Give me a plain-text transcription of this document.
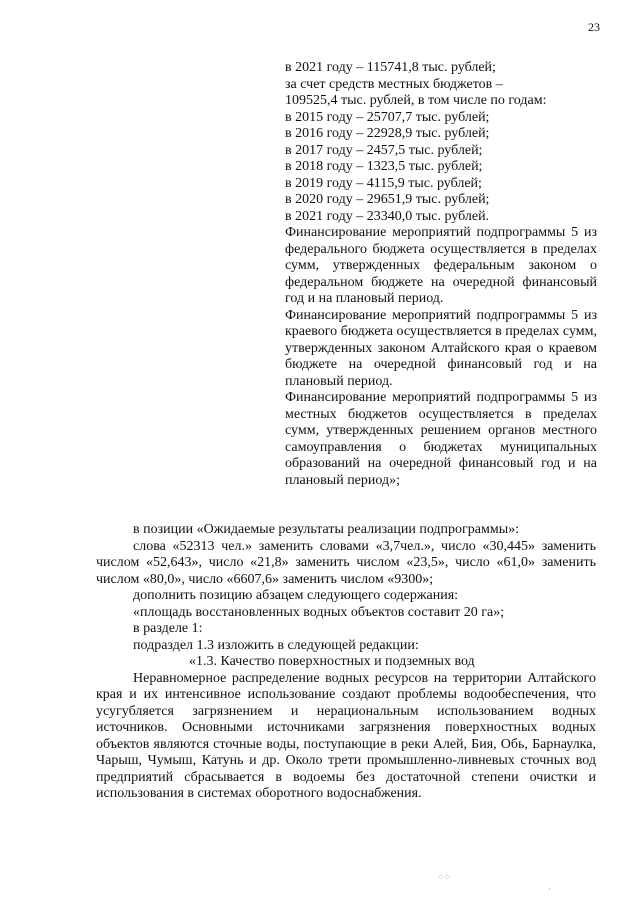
23
в 2021 году – 115741,8 тыс. рублей;
за счет средств местных бюджетов –
109525,4 тыс. рублей, в том числе по годам:
в 2015 году – 25707,7 тыс. рублей;
в 2016 году – 22928,9 тыс. рублей;
в 2017 году – 2457,5 тыс. рублей;
в 2018 году – 1323,5 тыс. рублей;
в 2019 году – 4115,9 тыс. рублей;
в 2020 году – 29651,9 тыс. рублей;
в 2021 году – 23340,0 тыс. рублей.
Финансирование мероприятий подпрограммы 5 из федерального бюджета осуществляется в пределах сумм, утвержденных федеральным законом о федеральном бюджете на очередной финансовый год и на плановый период.
Финансирование мероприятий подпрограммы 5 из краевого бюджета осуществляется в пределах сумм, утвержденных законом Алтайского края о краевом бюджете на очередной финансовый год и на плановый период.
Финансирование мероприятий подпрограммы 5 из местных бюджетов осуществляется в пределах сумм, утвержденных решением органов местного самоуправления о бюджетах муниципальных образований на очередной финансовый год и на плановый период»;
в позиции «Ожидаемые результаты реализации подпрограммы»:
слова «52313 чел.» заменить словами «3,7чел.», число «30,445» заменить числом «52,643», число «21,8» заменить числом «23,5», число «61,0» заменить числом «80,0», число «6607,6» заменить числом «9300»;
дополнить позицию абзацем следующего содержания:
«площадь восстановленных водных объектов составит 20 га»;
в разделе 1:
подраздел 1.3 изложить в следующей редакции:
«1.3. Качество поверхностных и подземных вод
Неравномерное распределение водных ресурсов на территории Алтайского края и их интенсивное использование создают проблемы водообеспечения, что усугубляется загрязнением и нерациональным использованием водных источников. Основными источниками загрязнения поверхностных водных объектов являются сточные воды, поступающие в реки Алей, Бия, Обь, Барнаулка, Чарыш, Чумыш, Катунь и др. Около трети промышленно-ливневых сточных вод предприятий сбрасывается в водоемы без достаточной степени очистки и использования в системах оборотного водоснабжения.
⁖⁘
·
